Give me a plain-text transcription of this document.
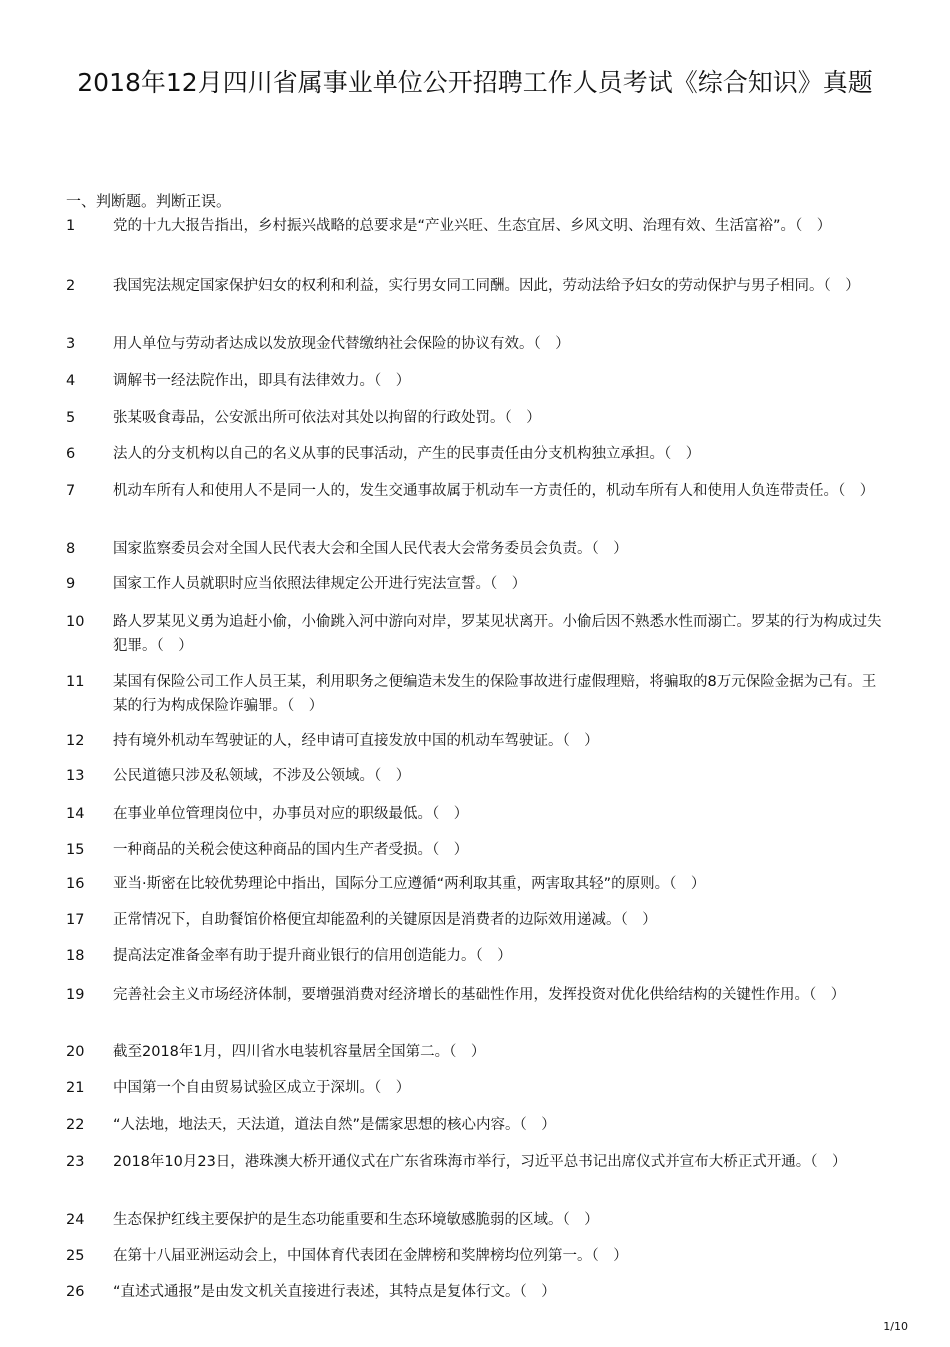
2018年12月四川省属事业单位公开招聘工作人员考试《综合知识》真题
一、判断题。判断正误。
1	党的十九大报告指出，乡村振兴战略的总要求是“产业兴旺、生态宜居、乡风文明、治理有效、生活富裕”。（　）
2	我国宪法规定国家保护妇女的权利和利益，实行男女同工同酬。因此，劳动法给予妇女的劳动保护与男子相同。（　）
3	用人单位与劳动者达成以发放现金代替缴纳社会保险的协议有效。（　）
4	调解书一经法院作出，即具有法律效力。（　）
5	张某吸食毒品，公安派出所可依法对其处以拘留的行政处罚。（　）
6	法人的分支机构以自己的名义从事的民事活动，产生的民事责任由分支机构独立承担。（　）
7	机动车所有人和使用人不是同一人的，发生交通事故属于机动车一方责任的，机动车所有人和使用人负连带责任。（　）
8	国家监察委员会对全国人民代表大会和全国人民代表大会常务委员会负责。（　）
9	国家工作人员就职时应当依照法律规定公开进行宪法宣誓。（　）
10	路人罗某见义勇为追赶小偷，小偷跳入河中游向对岸，罗某见状离开。小偷后因不熟悉水性而溺亡。罗某的行为构成过失犯罪。（　）
11	某国有保险公司工作人员王某，利用职务之便编造未发生的保险事故进行虚假理赔，将骗取的8万元保险金据为己有。王某的行为构成保险诈骗罪。（　）
12	持有境外机动车驾驶证的人，经申请可直接发放中国的机动车驾驶证。（　）
13	公民道德只涉及私领域，不涉及公领域。（　）
14	在事业单位管理岗位中，办事员对应的职级最低。（　）
15	一种商品的关税会使这种商品的国内生产者受损。（　）
16	亚当·斯密在比较优势理论中指出，国际分工应遵循“两利取其重，两害取其轻”的原则。（　）
17	正常情况下，自助餐馆价格便宜却能盈利的关键原因是消费者的边际效用递减。（　）
18	提高法定准备金率有助于提升商业银行的信用创造能力。（　）
19	完善社会主义市场经济体制，要增强消费对经济增长的基础性作用，发挥投资对优化供给结构的关键性作用。（　）
20	截至2018年1月，四川省水电装机容量居全国第二。（　）
21	中国第一个自由贸易试验区成立于深圳。（　）
22	“人法地，地法天，天法道，道法自然”是儒家思想的核心内容。（　）
23	2018年10月23日，港珠澳大桥开通仪式在广东省珠海市举行，习近平总书记出席仪式并宣布大桥正式开通。（　）
24	生态保护红线主要保护的是生态功能重要和生态环境敏感脆弱的区域。（　）
25	在第十八届亚洲运动会上，中国体育代表团在金牌榜和奖牌榜均位列第一。（　）
26	“直述式通报”是由发文机关直接进行表述，其特点是复体行文。（　）
1/10
